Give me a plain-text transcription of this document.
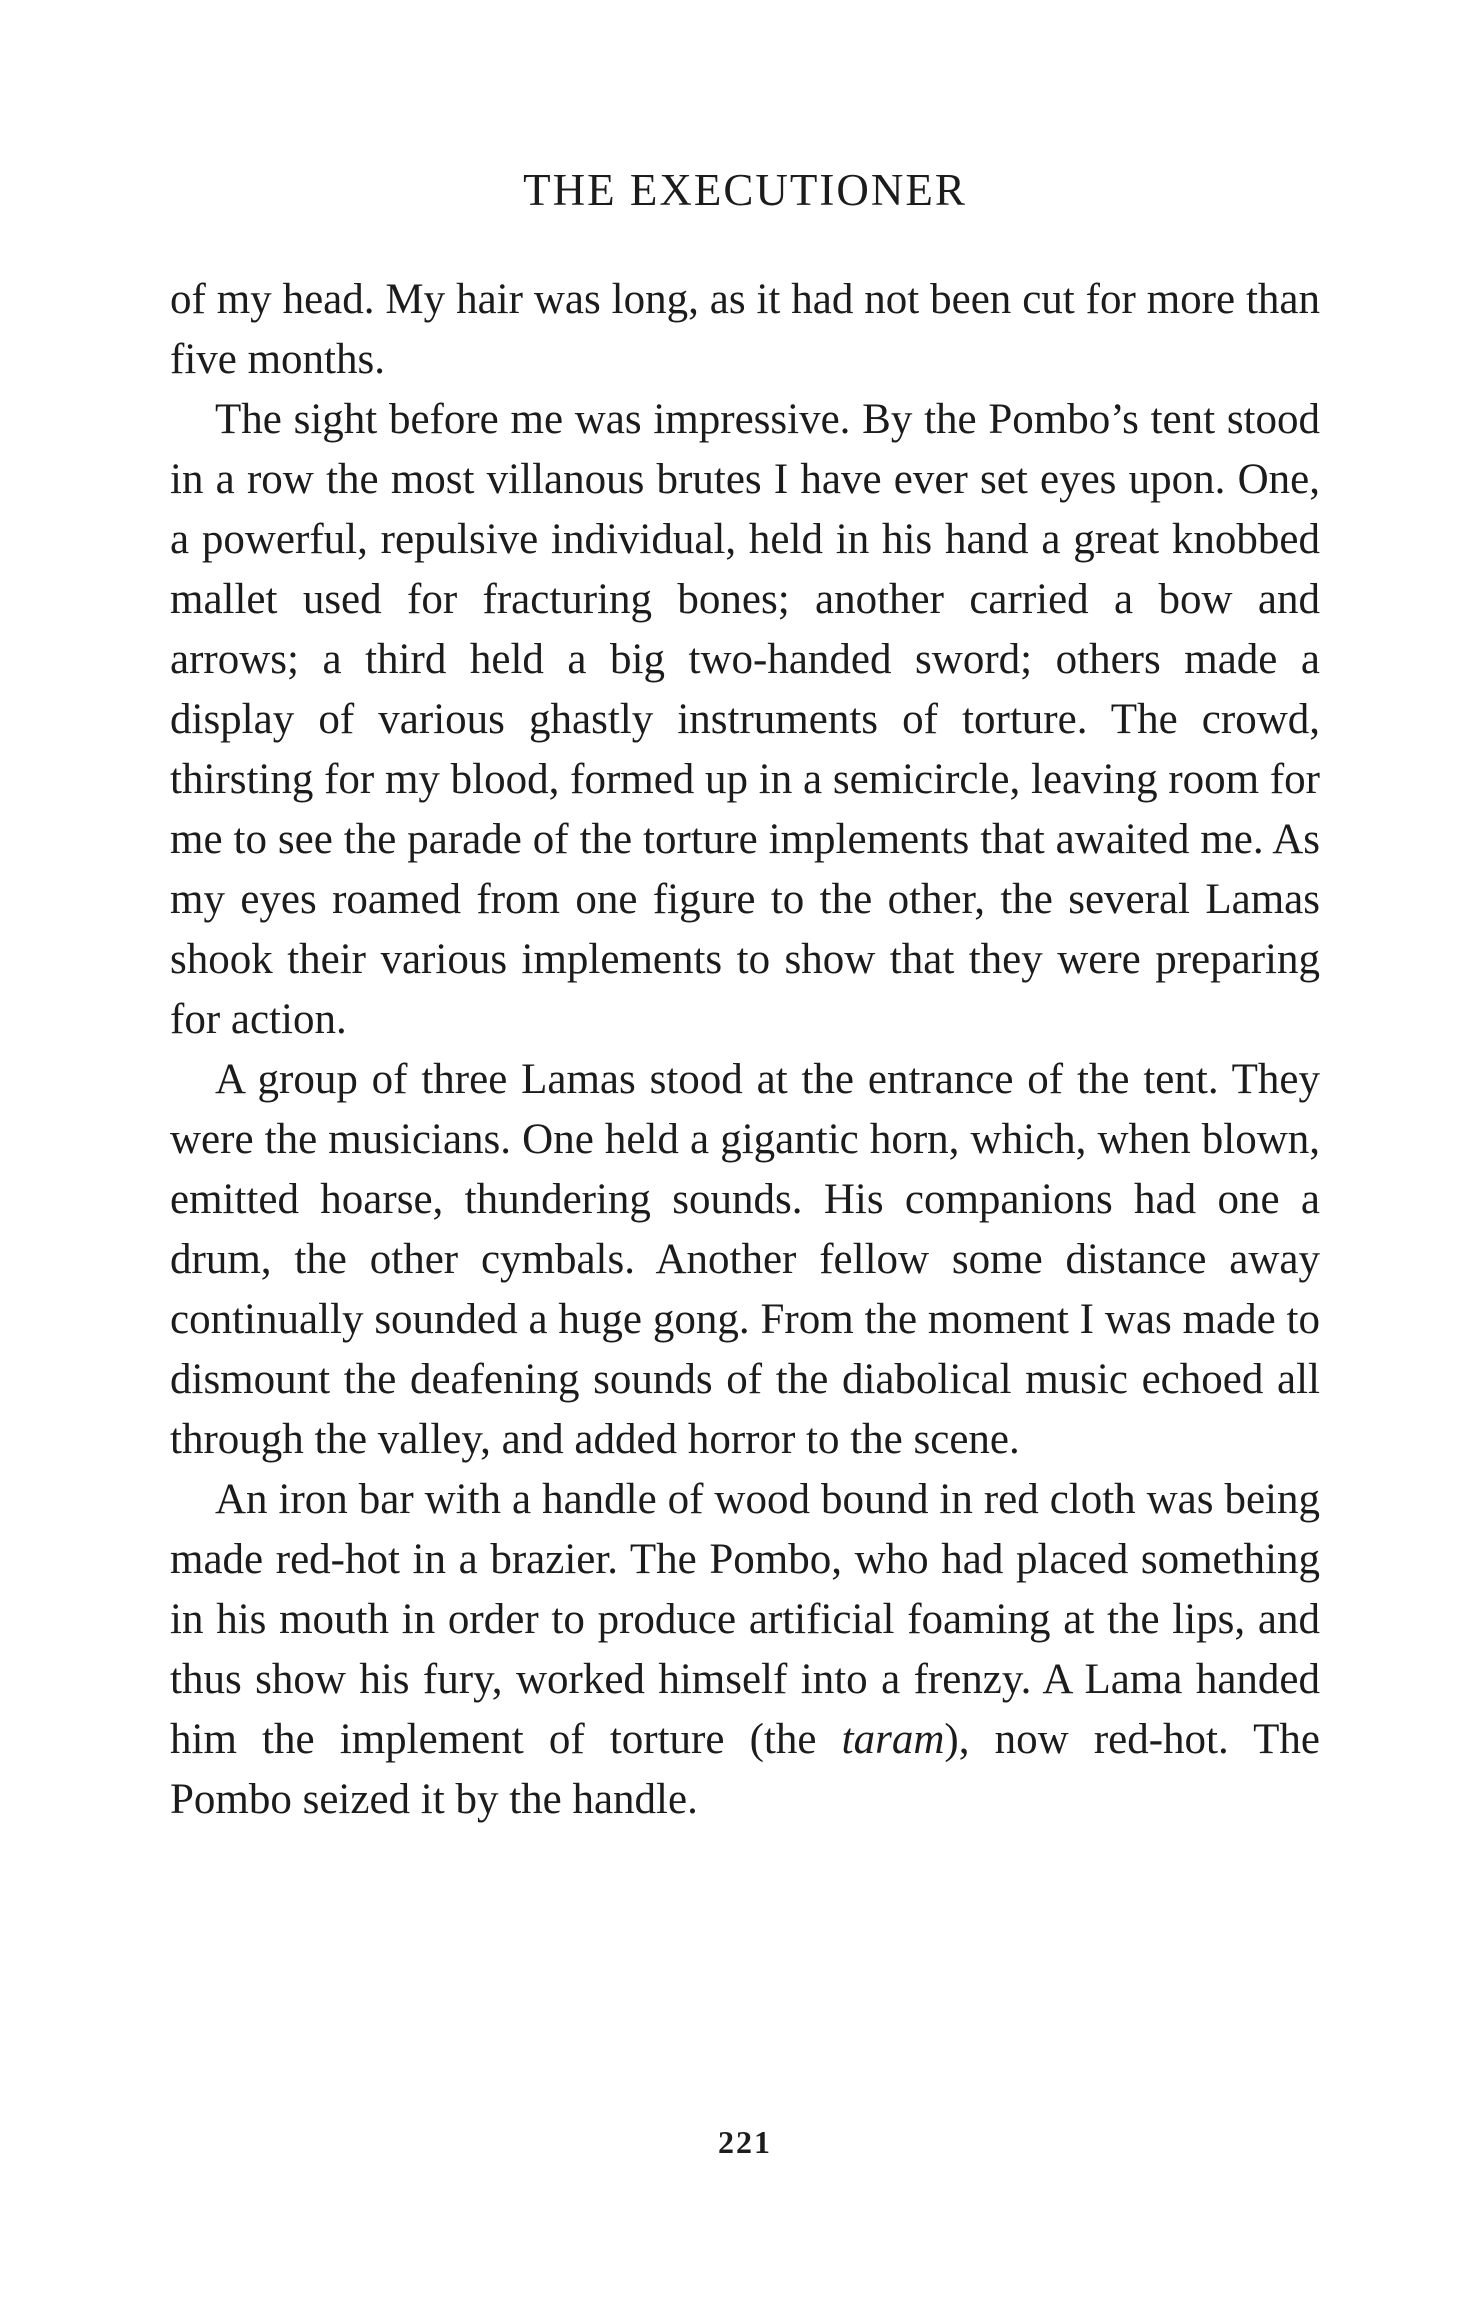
THE EXECUTIONER

of my head. My hair was long, as it had not been cut for more than five months.

The sight before me was impressive. By the Pombo’s tent stood in a row the most villanous brutes I have ever set eyes upon. One, a powerful, repulsive individual, held in his hand a great knobbed mallet used for fracturing bones; another carried a bow and arrows; a third held a big two-handed sword; others made a display of various ghastly instruments of torture. The crowd, thirsting for my blood, formed up in a semicircle, leaving room for me to see the parade of the torture implements that awaited me. As my eyes roamed from one figure to the other, the several Lamas shook their various implements to show that they were preparing for action.

A group of three Lamas stood at the entrance of the tent. They were the musicians. One held a gigantic horn, which, when blown, emitted hoarse, thundering sounds. His companions had one a drum, the other cymbals. Another fellow some distance away continually sounded a huge gong. From the moment I was made to dismount the deafening sounds of the diabolical music echoed all through the valley, and added horror to the scene.

An iron bar with a handle of wood bound in red cloth was being made red-hot in a brazier. The Pombo, who had placed something in his mouth in order to produce artificial foaming at the lips, and thus show his fury, worked himself into a frenzy. A Lama handed him the implement of torture (the taram), now red-hot. The Pombo seized it by the handle.

221
